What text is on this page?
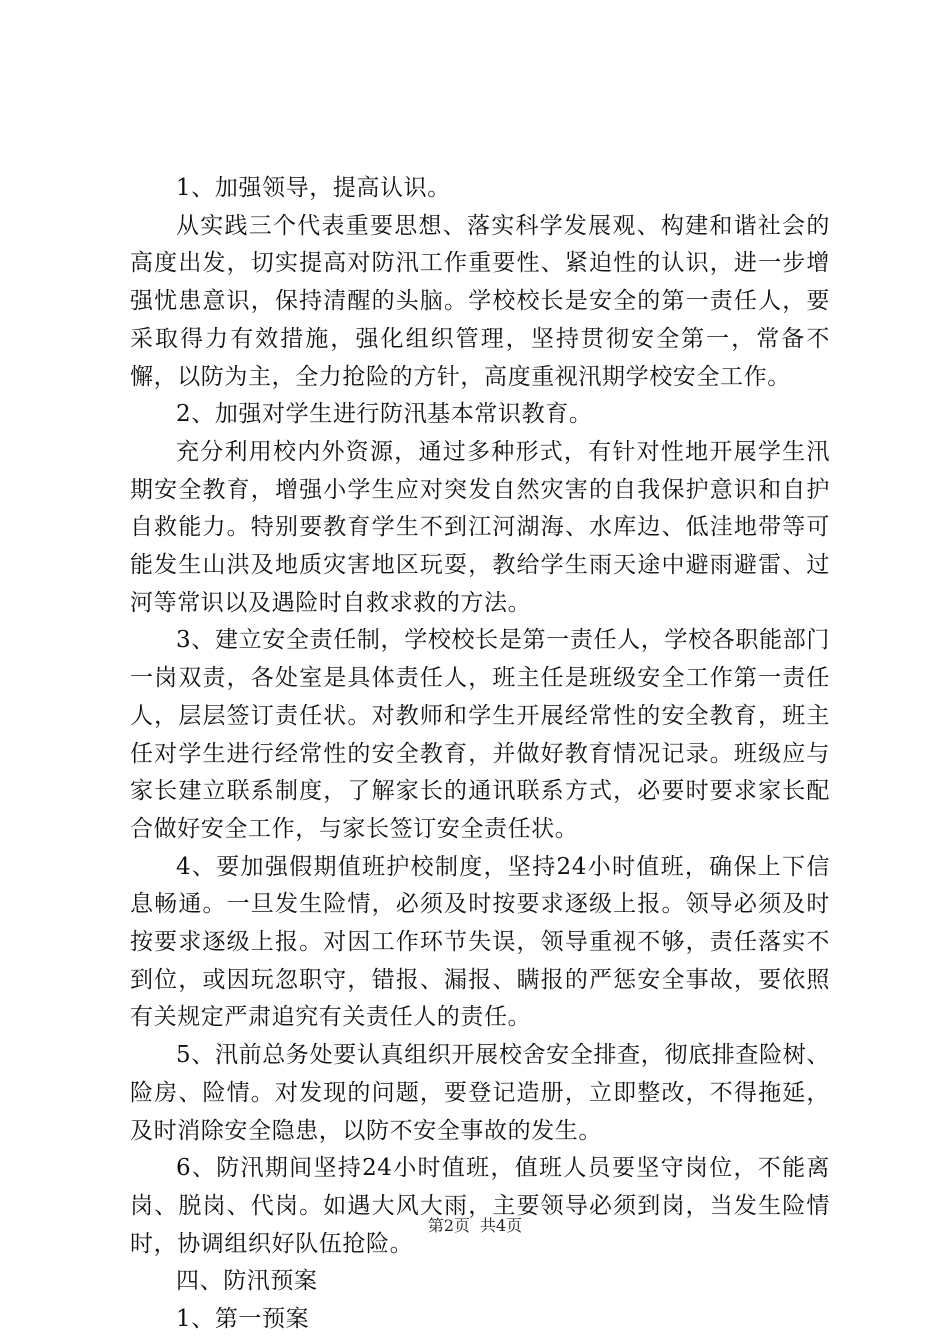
1、加强领导，提高认识。

从实践三个代表重要思想、落实科学发展观、构建和谐社会的高度出发，切实提高对防汛工作重要性、紧迫性的认识，进一步增强忧患意识，保持清醒的头脑。学校校长是安全的第一责任人，要采取得力有效措施，强化组织管理，坚持贯彻安全第一，常备不懈，以防为主，全力抢险的方针，高度重视汛期学校安全工作。

2、加强对学生进行防汛基本常识教育。

充分利用校内外资源，通过多种形式，有针对性地开展学生汛期安全教育，增强小学生应对突发自然灾害的自我保护意识和自护自救能力。特别要教育学生不到江河湖海、水库边、低洼地带等可能发生山洪及地质灾害地区玩耍，教给学生雨天途中避雨避雷、过河等常识以及遇险时自救求救的方法。

3、建立安全责任制，学校校长是第一责任人，学校各职能部门一岗双责，各处室是具体责任人，班主任是班级安全工作第一责任人，层层签订责任状。对教师和学生开展经常性的安全教育，班主任对学生进行经常性的安全教育，并做好教育情况记录。班级应与家长建立联系制度，了解家长的通讯联系方式，必要时要求家长配合做好安全工作，与家长签订安全责任状。

4、要加强假期值班护校制度，坚持24小时值班，确保上下信息畅通。一旦发生险情，必须及时按要求逐级上报。领导必须及时按要求逐级上报。对因工作环节失误，领导重视不够，责任落实不到位，或因玩忽职守，错报、漏报、瞒报的严惩安全事故，要依照有关规定严肃追究有关责任人的责任。

5、汛前总务处要认真组织开展校舍安全排查，彻底排查险树、险房、险情。对发现的问题，要登记造册，立即整改，不得拖延，及时消除安全隐患，以防不安全事故的发生。

6、防汛期间坚持24小时值班，值班人员要坚守岗位，不能离岗、脱岗、代岗。如遇大风大雨，主要领导必须到岗，当发生险情时，协调组织好队伍抢险。

四、防汛预案

1、第一预案

第2页 共4页
